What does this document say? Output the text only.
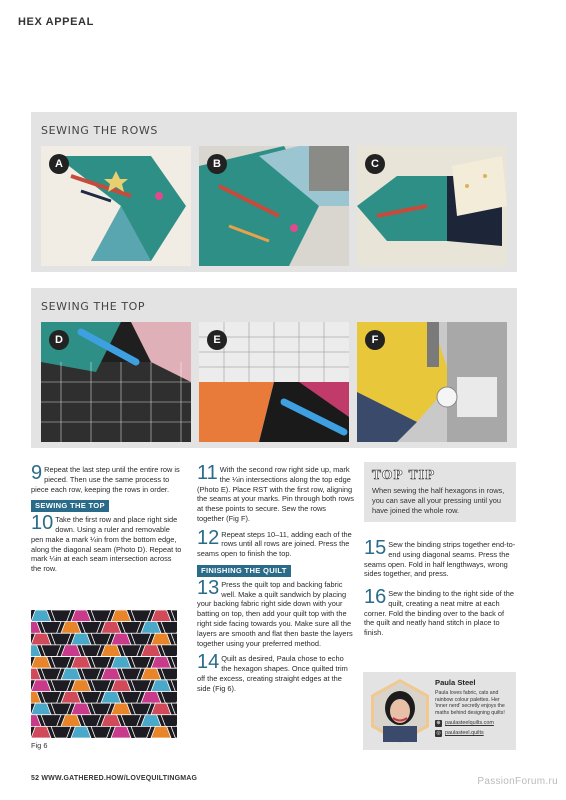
HEX APPEAL
SEWING THE ROWS
A	B	C
SEWING THE TOP
D	E	F

9 Repeat the last step until the entire row is pieced. Then use the same process to piece each row, keeping the rows in order.

SEWING THE TOP

10 Take the first row and place right side down. Using a ruler and removable pen make a mark ¼in from the bottom edge, along the diagonal seam (Photo D). Repeat to mark ¼in at each seam intersection across the row.

11 With the second row right side up, mark the ¼in intersections along the top edge (Photo E). Place RST with the first row, aligning the seams at your marks. Pin through both rows at these points to secure. Sew the rows together (Fig F).

12 Repeat steps 10–11, adding each of the rows until all rows are joined. Press the seams open to finish the top.

FINISHING THE QUILT

13 Press the quilt top and backing fabric well. Make a quilt sandwich by placing your backing fabric right side down with your batting on top, then add your quilt top with the right side facing towards you. Make sure all the layers are smooth and flat then baste the layers together using your preferred method.

14 Quilt as desired, Paula chose to echo the hexagon shapes. Once quilted trim off the excess, creating straight edges at the side (Fig 6).

TOP TIP
When sewing the half hexagons in rows, you can save all your pressing until you have joined the whole row.

15 Sew the binding strips together end-to-end using diagonal seams. Press the seams open. Fold in half lengthways, wrong sides together, and press.

16 Sew the binding to the right side of the quilt, creating a neat mitre at each corner. Fold the binding over to the back of the quilt and neatly hand stitch in place to finish.

Fig 6
Paula Steel
Paula loves fabric, cats and rainbow colour palettes. Her 'inner nerd' secretly enjoys the maths behind designing quilts!
⊕ paulasteelquilts.com
◎ paulasteel.quilts
52 WWW.GATHERED.HOW/LOVEQUILTINGMAG	PassionForum.ru
